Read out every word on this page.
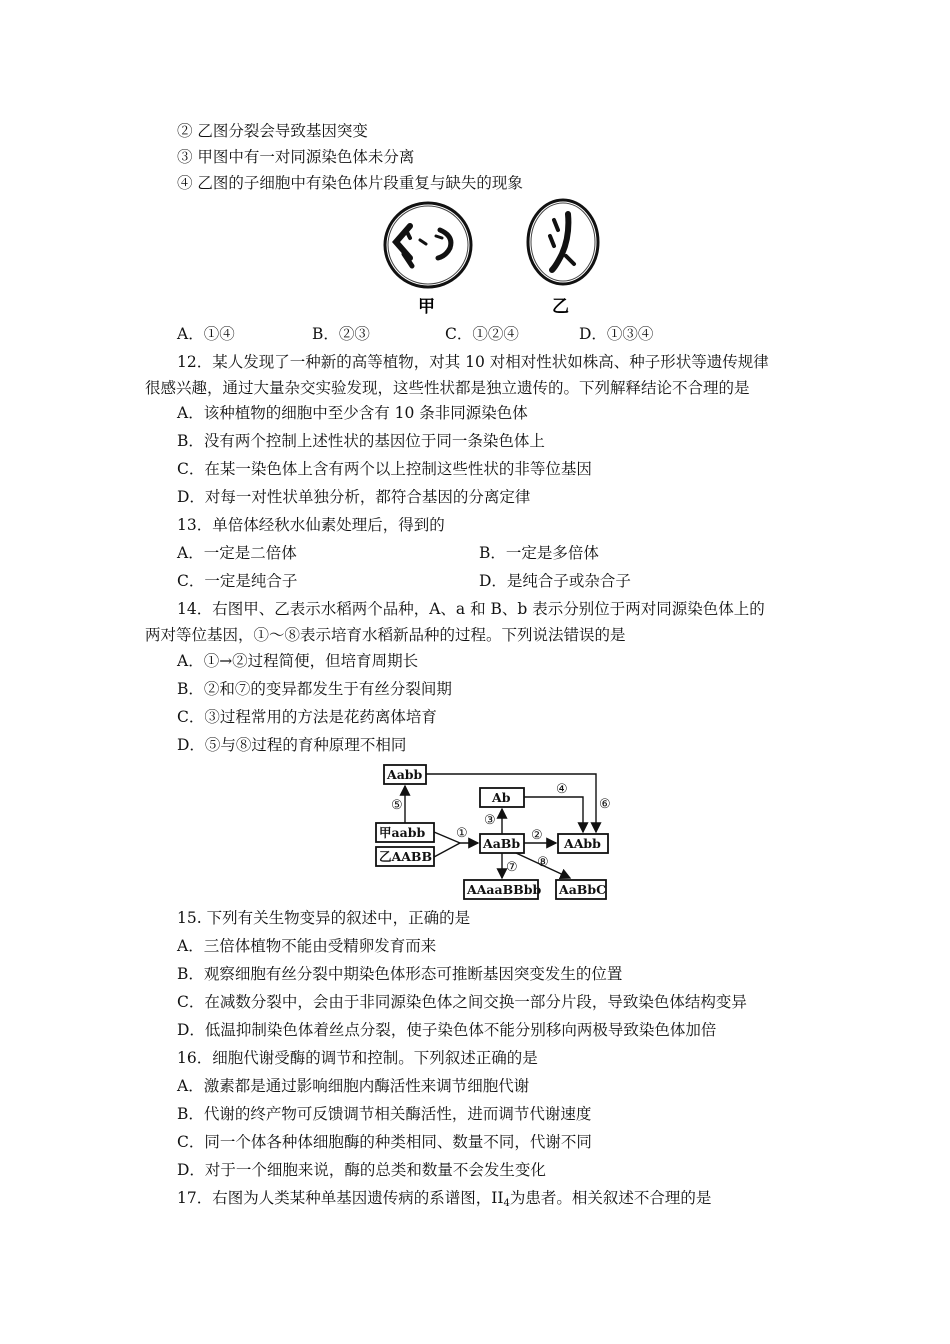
② 乙图分裂会导致基因突变
③ 甲图中有一对同源染色体未分离
④ 乙图的子细胞中有染色体片段重复与缺失的现象
甲	乙
A．①④	B．②③	C．①②④	D．①③④
12．某人发现了一种新的高等植物，对其 10 对相对性状如株高、种子形状等遗传规律
很感兴趣，通过大量杂交实验发现，这些性状都是独立遗传的。下列解释结论不合理的是
A．该种植物的细胞中至少含有 10 条非同源染色体
B．没有两个控制上述性状的基因位于同一条染色体上
C．在某一染色体上含有两个以上控制这些性状的非等位基因
D．对每一对性状单独分析，都符合基因的分离定律
13．单倍体经秋水仙素处理后，得到的
A．一定是二倍体	B．一定是多倍体
C．一定是纯合子	D．是纯合子或杂合子
14．右图甲、乙表示水稻两个品种，A、a 和 B、b 表示分别位于两对同源染色体上的
两对等位基因，①～⑧表示培育水稻新品种的过程。下列说法错误的是
A．①→②过程简便，但培育周期长
B．②和⑦的变异都发生于有丝分裂间期
C．③过程常用的方法是花药离体培育
D．⑤与⑧过程的育种原理不相同
Aabb
甲aabb
乙AABB
Ab
AaBb	AAbb
AAaaBBbb AaBbC
①	②
③
④
⑤	⑥
⑦ ⑧
15. 下列有关生物变异的叙述中，正确的是
A．三倍体植物不能由受精卵发育而来
B．观察细胞有丝分裂中期染色体形态可推断基因突变发生的位置
C．在减数分裂中，会由于非同源染色体之间交换一部分片段，导致染色体结构变异
D．低温抑制染色体着丝点分裂，使子染色体不能分别移向两极导致染色体加倍
16．细胞代谢受酶的调节和控制。下列叙述正确的是
A．激素都是通过影响细胞内酶活性来调节细胞代谢
B．代谢的终产物可反馈调节相关酶活性，进而调节代谢速度
C．同一个体各种体细胞酶的种类相同、数量不同，代谢不同
D．对于一个细胞来说，酶的总类和数量不会发生变化
17．右图为人类某种单基因遗传病的系谱图，$II_4$为患者。相关叙述不合理的是
